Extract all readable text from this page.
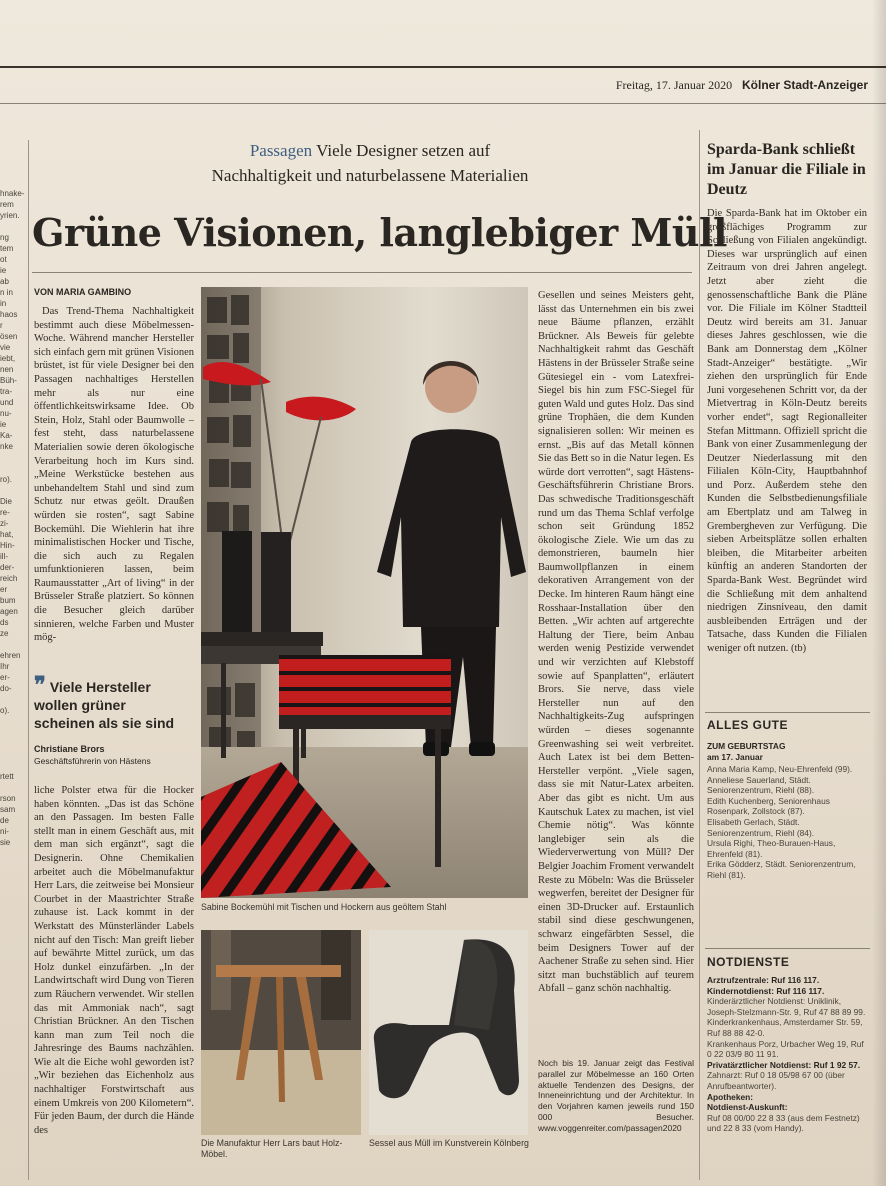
hnake-
rem
yrien.

ng
tem
ot
ie
ab
n in
in
haos
r
ösen
vie
iebt,
nen
Büh-
tra-
und
nu-
ie
Ka-
nke

ro).

Die
re-
zi-
hat,
Hin-
ill-
der-
reich
er
bum
agen
ds
ze

ehren
Ihr
er-
do-

o).

rtett

rson
sam
de
ni-
sie
Freitag, 17. Januar 2020 Kölner Stadt-Anzeiger
Passagen Viele Designer setzen auf
Nachhaltigkeit und naturbelassene Materialien
Grüne Visionen, langlebiger Müll
VON MARIA GAMBINO

Das Trend-Thema Nachhaltigkeit bestimmt auch diese Möbelmessen-Woche. Während mancher Hersteller sich einfach gern mit grünen Visionen brüstet, ist für viele Designer bei den Passagen nachhaltiges Herstellen mehr als nur eine öffentlichkeitswirksame Idee. Ob Stein, Holz, Stahl oder Baumwolle – fest steht, dass naturbelassene Materialien sowie deren ökologische Verarbeitung hoch im Kurs sind. „Meine Werkstücke bestehen aus unbehandeltem Stahl und sind zum Schutz nur etwas geölt. Draußen würden sie rosten“, sagt Sabine Bockemühl. Die Wiehlerin hat ihre minimalistischen Hocker und Tische, die sich auch zu Regalen umfunktionieren lassen, beim Raumausstatter „Art of living“ in der Brüsseler Straße platziert. So können die Besucher gleich darüber sinnieren, welche Farben und Muster mög-

❞ Viele Hersteller wollen grüner scheinen als sie sind
Christiane Brors
Geschäftsführerin von Hästens

liche Polster etwa für die Hocker haben könnten. „Das ist das Schöne an den Passagen. Im besten Falle stellt man in einem Geschäft aus, mit dem man sich ergänzt“, sagt die Designerin. Ohne Chemikalien arbeitet auch die Möbelmanufaktur Herr Lars, die zeitweise bei Monsieur Courbet in der Maastrichter Straße zuhause ist. Lack kommt in der Werkstatt des Münsterländer Labels nicht auf den Tisch: Man greift lieber auf bewährte Mittel zurück, um das Holz dunkel einzufärben. „In der Landwirtschaft wird Dung von Tieren zum Räuchern verwendet. Wir stellen das mit Ammoniak nach“, sagt Christian Brückner. An den Tischen kann man zum Teil noch die Jahresringe des Baums nachzählen. Wie alt die Eiche wohl geworden ist? „Wir beziehen das Eichenholz aus nachhaltiger Forstwirtschaft aus einem Umkreis von 200 Kilometern“. Für jeden Baum, der durch die Hände des

Sabine Bockemühl mit Tischen und Hockern aus geöltem Stahl
Die Manufaktur Herr Lars baut Holz-Möbel.
Sessel aus Müll im Kunstverein Kölnberg

Gesellen und seines Meisters geht, lässt das Unternehmen ein bis zwei neue Bäume pflanzen, erzählt Brückner. Als Beweis für gelebte Nachhaltigkeit rahmt das Geschäft Hästens in der Brüsseler Straße seine Gütesiegel ein - vom Latexfrei-Siegel bis hin zum FSC-Siegel für guten Wald und gutes Holz. Das sind grüne Trophäen, die dem Kunden signalisieren sollen: Wir meinen es ernst. „Bis auf das Metall können Sie das Bett so in die Natur legen. Es würde dort verrotten“, sagt Hästens-Geschäftsführerin Christiane Brors. Das schwedische Traditionsgeschäft rund um das Thema Schlaf verfolge schon seit Gründung 1852 ökologische Ziele. Wie um das zu demonstrieren, baumeln hier Baumwollpflanzen in einem dekorativen Arrangement von der Decke. Im hinteren Raum hängt eine Rosshaar-Installation über den Betten. „Wir achten auf artgerechte Haltung der Tiere, beim Anbau werden wenig Pestizide verwendet und wir verzichten auf Klebstoff sowie auf Spanplatten“, erläutert Brors. Sie nerve, dass viele Hersteller nun auf den Nachhaltigkeits-Zug aufspringen würden – dieses sogenannte Greenwashing sei weit verbreitet. Auch Latex ist bei dem Betten-Hersteller verpönt. „Viele sagen, dass sie mit Natur-Latex arbeiten. Aber das gibt es nicht. Um aus Kautschuk Latex zu machen, ist viel Chemie nötig“. Was könnte langlebiger sein als die Wiederverwertung von Müll? Der Belgier Joachim Froment verwandelt Reste zu Möbeln: Was die Brüsseler wegwerfen, bereitet der Designer für einen 3D-Drucker auf. Erstaunlich stabil sind diese geschwungenen, schwarz eingefärbten Sessel, die beim Designers Tower auf der Aachener Straße zu sehen sind. Hier sitzt man buchstäblich auf teurem Abfall – ganz schön nachhaltig.

Noch bis 19. Januar zeigt das Festival parallel zur Möbelmesse an 160 Orten aktuelle Tendenzen des Designs, der Inneneinrichtung und der Architektur. In den Vorjahren kamen jeweils rund 150 000 Besucher. www.voggenreiter.com/passagen2020
Sparda-Bank schließt im Januar die Filiale in Deutz

Die Sparda-Bank hat im Oktober ein großflächiges Programm zur Schließung von Filialen angekündigt. Dieses war ursprünglich auf einen Zeitraum von drei Jahren angelegt. Jetzt aber zieht die genossenschaftliche Bank die Pläne vor. Die Filiale im Kölner Stadtteil Deutz wird bereits am 31. Januar dieses Jahres geschlossen, wie die Bank am Donnerstag dem „Kölner Stadt-Anzeiger“ bestätigte. „Wir ziehen den ursprünglich für Ende Juni vorgesehenen Schritt vor, da der Mietvertrag in Köln-Deutz bereits vorher endet“, sagt Regionalleiter Stefan Mittmann. Offiziell spricht die Bank von einer Zusammenlegung der Deutzer Niederlassung mit den Filialen Köln-City, Hauptbahnhof und Porz. Außerdem stehe den Kunden die Selbstbedienungsfiliale am Ebertplatz und am Talweg in Grembergheven zur Verfügung. Die sieben Arbeitsplätze sollen erhalten bleiben, die Mitarbeiter arbeiten künftig an anderen Standorten der Sparda-Bank West. Begründet wird die Schließung mit dem anhaltend niedrigen Zinsniveau, den damit ausbleibenden Erträgen und der Tatsache, dass Kunden die Filialen weniger oft nutzen. (tb)

ALLES GUTE
ZUM GEBURTSTAG
am 17. Januar
Anna Maria Kamp, Neu-Ehrenfeld (99).
Anneliese Sauerland, Städt. Seniorenzentrum, Riehl (88).
Edith Kuchenberg, Seniorenhaus Rosenpark, Zollstock (87).
Elisabeth Gerlach, Städt. Seniorenzentrum, Riehl (84).
Ursula Righi, Theo-Burauen-Haus, Ehrenfeld (81).
Erika Gödderz, Städt. Seniorenzentrum, Riehl (81).
NOTDIENSTE
Arztrufzentrale: Ruf 116 117.
Kindernotdienst: Ruf 116 117.
Kinderärztlicher Notdienst: Uniklinik, Joseph-Stelzmann-Str. 9, Ruf 47 88 89 99.
Kinderkrankenhaus, Amsterdamer Str. 59, Ruf 88 88 42-0.
Krankenhaus Porz, Urbacher Weg 19, Ruf 0 22 03/9 80 11 91.
Privatärztlicher Notdienst: Ruf 1 92 57.
Zahnarzt: Ruf 0 18 05/98 67 00 (über Anrufbeantworter).
Apotheken:
Notdienst-Auskunft:
Ruf 08 00/00 22 8 33 (aus dem Festnetz) und 22 8 33 (vom Handy).
